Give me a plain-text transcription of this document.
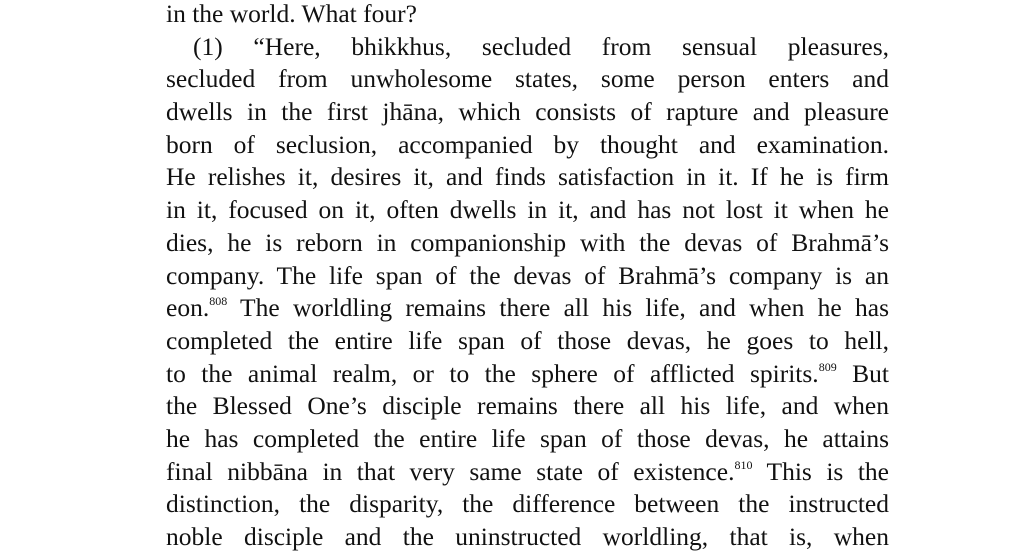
in the world. What four?
(1) “Here, bhikkhus, secluded from sensual pleasures,
secluded from unwholesome states, some person enters and
dwells in the first jhāna, which consists of rapture and pleasure
born of seclusion, accompanied by thought and examination.
He relishes it, desires it, and finds satisfaction in it. If he is firm
in it, focused on it, often dwells in it, and has not lost it when he
dies, he is reborn in companionship with the devas of Brahmā’s
company. The life span of the devas of Brahmā’s company is an
eon.$^{808}$ The worldling remains there all his life, and when he has
completed the entire life span of those devas, he goes to hell,
to the animal realm, or to the sphere of afflicted spirits.$^{809}$ But
the Blessed One’s disciple remains there all his life, and when
he has completed the entire life span of those devas, he attains
final nibbāna in that very same state of existence.$^{810}$ This is the
distinction, the disparity, the difference between the instructed
noble disciple and the uninstructed worldling, that is, when
